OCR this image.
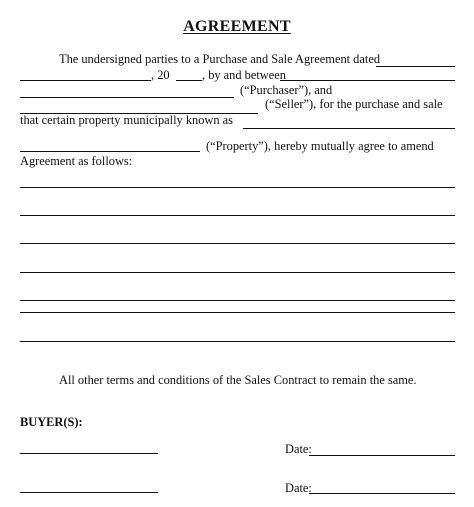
AGREEMENT
The undersigned parties to a Purchase and Sale Agreement dated
, 20	, by and between
(“Purchaser”), and
(“Seller”), for the purchase and sale
that certain property municipally known as
(“Property”), hereby mutually agree to amend
Agreement as follows:
All other terms and conditions of the Sales Contract to remain the same.
BUYER(S):
Date:
Date:
